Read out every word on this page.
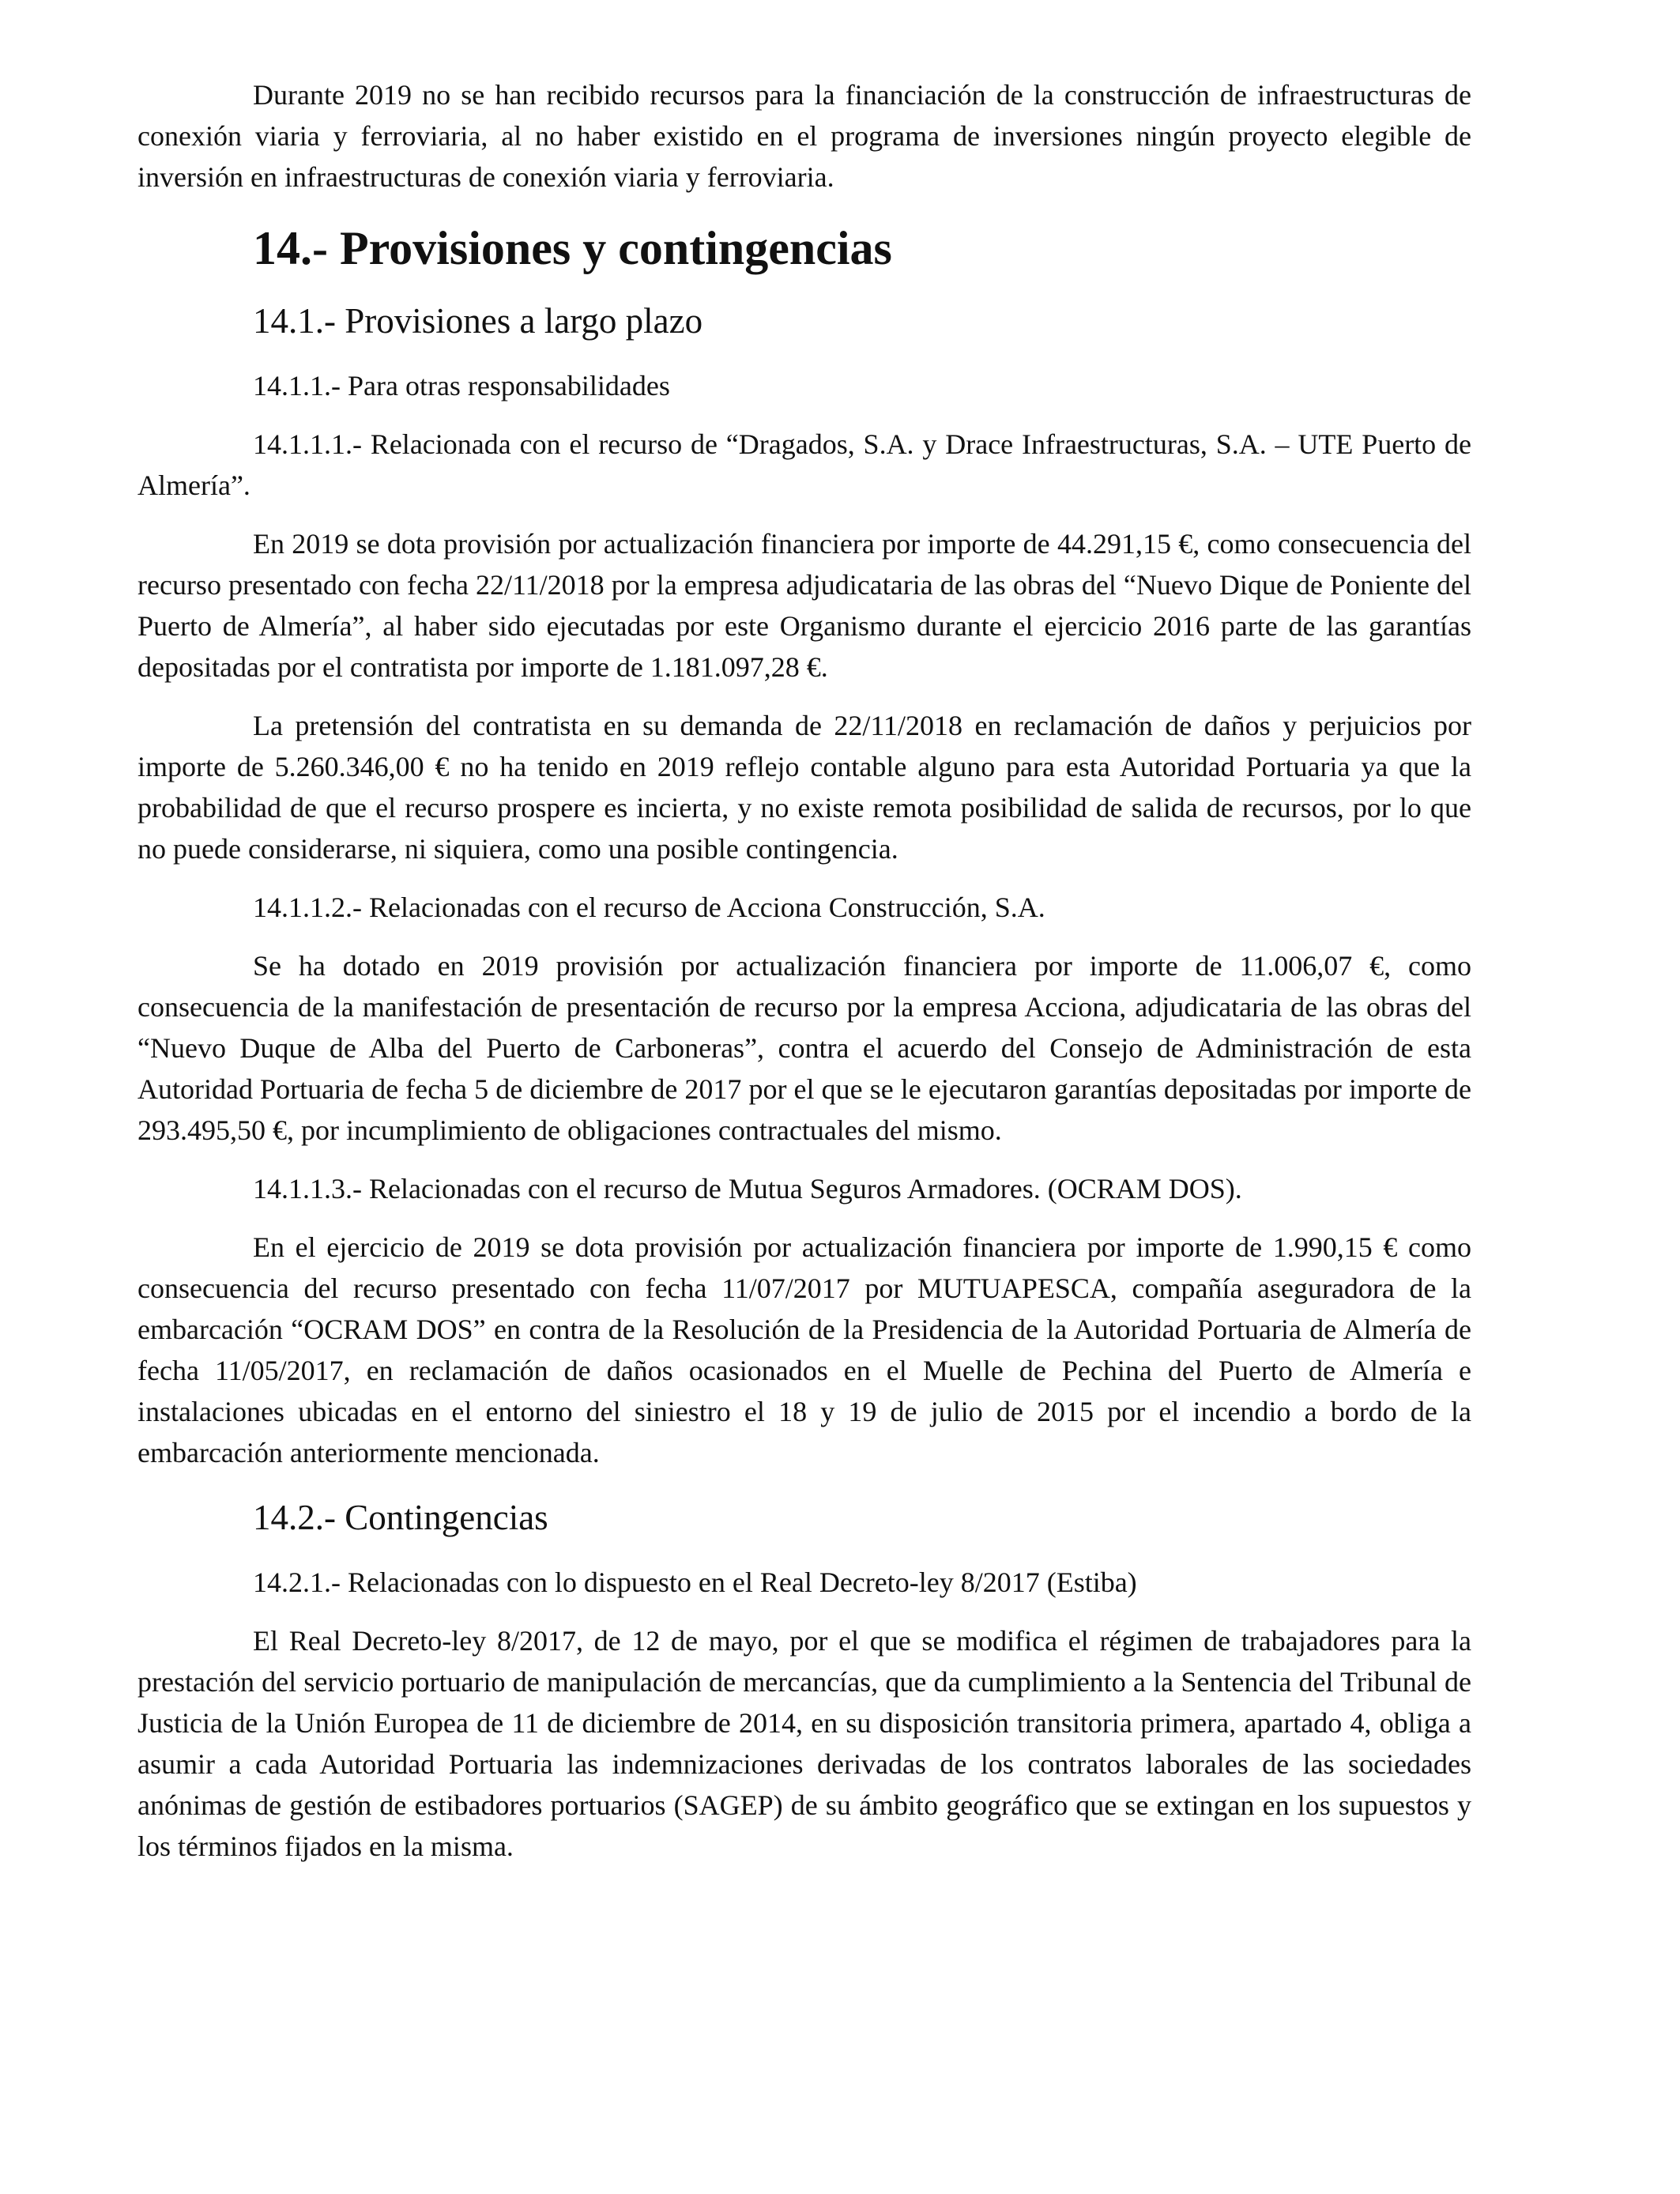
Durante 2019 no se han recibido recursos para la financiación de la construcción de infraestructuras de conexión viaria y ferroviaria, al no haber existido en el programa de inversiones ningún proyecto elegible de inversión en infraestructuras de conexión viaria y ferroviaria.

14.- Provisiones y contingencias
14.1.- Provisiones a largo plazo

14.1.1.- Para otras responsabilidades

14.1.1.1.- Relacionada con el recurso de “Dragados, S.A. y Drace Infraestructuras, S.A. – UTE Puerto de Almería”.

En 2019 se dota provisión por actualización financiera por importe de 44.291,15 €, como consecuencia del recurso presentado con fecha 22/11/2018 por la empresa adjudicataria de las obras del “Nuevo Dique de Poniente del Puerto de Almería”, al haber sido ejecutadas por este Organismo durante el ejercicio 2016 parte de las garantías depositadas por el contratista por importe de 1.181.097,28 €.

La pretensión del contratista en su demanda de 22/11/2018 en reclamación de daños y perjuicios por importe de 5.260.346,00 € no ha tenido en 2019 reflejo contable alguno para esta Autoridad Portuaria ya que la probabilidad de que el recurso prospere es incierta, y no existe remota posibilidad de salida de recursos, por lo que no puede considerarse, ni siquiera, como una posible contingencia.

14.1.1.2.- Relacionadas con el recurso de Acciona Construcción, S.A.

Se ha dotado en 2019 provisión por actualización financiera por importe de 11.006,07 €, como consecuencia de la manifestación de presentación de recurso por la empresa Acciona, adjudicataria de las obras del “Nuevo Duque de Alba del Puerto de Carboneras”, contra el acuerdo del Consejo de Administración de esta Autoridad Portuaria de fecha 5 de diciembre de 2017 por el que se le ejecutaron garantías depositadas por importe de 293.495,50 €, por incumplimiento de obligaciones contractuales del mismo.

14.1.1.3.- Relacionadas con el recurso de Mutua Seguros Armadores. (OCRAM DOS).

En el ejercicio de 2019 se dota provisión por actualización financiera por importe de 1.990,15 € como consecuencia del recurso presentado con fecha 11/07/2017 por MUTUAPESCA, compañía aseguradora de la embarcación “OCRAM DOS” en contra de la Resolución de la Presidencia de la Autoridad Portuaria de Almería de fecha 11/05/2017, en reclamación de daños ocasionados en el Muelle de Pechina del Puerto de Almería e instalaciones ubicadas en el entorno del siniestro el 18 y 19 de julio de 2015 por el incendio a bordo de la embarcación anteriormente mencionada.

14.2.- Contingencias

14.2.1.- Relacionadas con lo dispuesto en el Real Decreto-ley 8/2017 (Estiba)

El Real Decreto-ley 8/2017, de 12 de mayo, por el que se modifica el régimen de trabajadores para la prestación del servicio portuario de manipulación de mercancías, que da cumplimiento a la Sentencia del Tribunal de Justicia de la Unión Europea de 11 de diciembre de 2014, en su disposición transitoria primera, apartado 4, obliga a asumir a cada Autoridad Portuaria las indemnizaciones derivadas de los contratos laborales de las sociedades anónimas de gestión de estibadores portuarios (SAGEP) de su ámbito geográfico que se extingan en los supuestos y los términos fijados en la misma.
